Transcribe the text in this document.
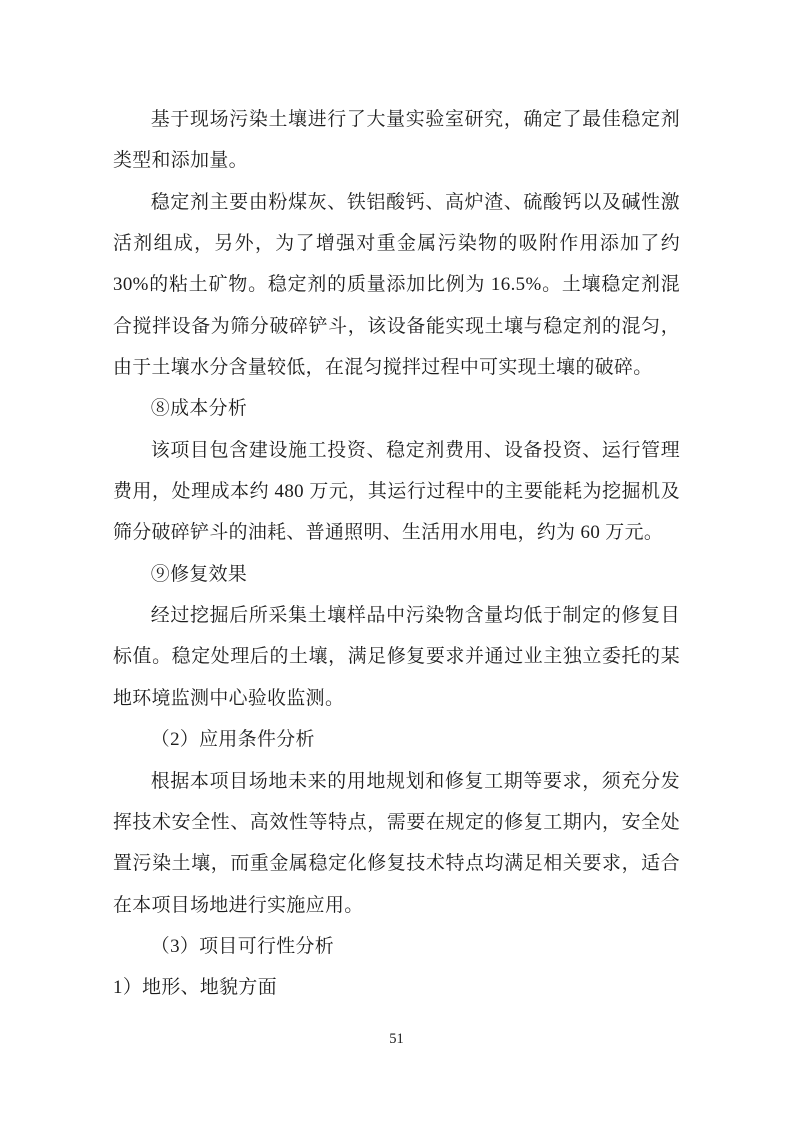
基于现场污染土壤进行了大量实验室研究，确定了最佳稳定剂类型和添加量。

稳定剂主要由粉煤灰、铁铝酸钙、高炉渣、硫酸钙以及碱性激活剂组成，另外，为了增强对重金属污染物的吸附作用添加了约 30%的粘土矿物。稳定剂的质量添加比例为 16.5%。土壤稳定剂混合搅拌设备为筛分破碎铲斗，该设备能实现土壤与稳定剂的混匀，由于土壤水分含量较低，在混匀搅拌过程中可实现土壤的破碎。

⑧成本分析

该项目包含建设施工投资、稳定剂费用、设备投资、运行管理费用，处理成本约 480 万元，其运行过程中的主要能耗为挖掘机及筛分破碎铲斗的油耗、普通照明、生活用水用电，约为 60 万元。

⑨修复效果

经过挖掘后所采集土壤样品中污染物含量均低于制定的修复目标值。稳定处理后的土壤，满足修复要求并通过业主独立委托的某地环境监测中心验收监测。

（2）应用条件分析

根据本项目场地未来的用地规划和修复工期等要求，须充分发挥技术安全性、高效性等特点，需要在规定的修复工期内，安全处置污染土壤，而重金属稳定化修复技术特点均满足相关要求，适合在本项目场地进行实施应用。

（3）项目可行性分析

1）地形、地貌方面

51
